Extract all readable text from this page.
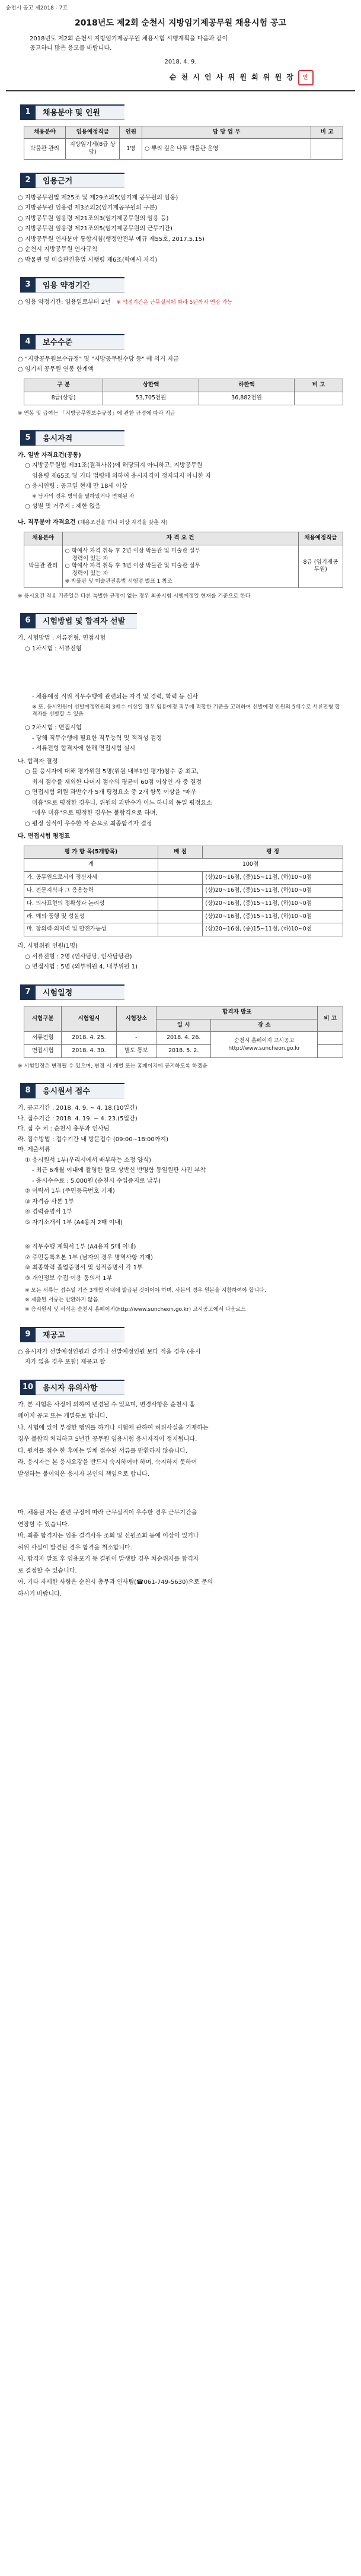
순천시 공고 제2018 - 7호
2018년도 제2회 순천시 지방임기제공무원 채용시험 공고

2018년도 제2회 순천시 지방임기제공무원 채용시험 시행계획을 다음과 같이

공고하니 많은 응모를 바랍니다.

2018. 4. 9.
순 천 시 인 사 위 원 회 위 원 장	인
1	채용분야 및 인원
채용분야	임용예정직급	인원	담 당 업 무	비 고
박물관 관리	지방임기제(8급 상당)	1명	○ 뿌리 깊은 나무 박물관 운영	
2	임용근거
○ 지방공무원법 제25조 및 제29조의5(임기제 공무원의 임용)
○ 지방공무원 임용령 제3조의2(임기제공무원의 구분)
○ 지방공무원 임용령 제21조의3(임기제공무원의 임용 등)
○ 지방공무원 임용령 제21조의5(임기제공무원의 근무기간)
○ 지방공무원 인사분야 통합지침(행정안전부 예규 제55호, 2017.5.15)
○ 순천시 지방공무원 인사규칙
○ 박물관 및 미술관진흥법 시행령 제6조(학예사 자격)
3	임용 약정기간
○ 임용 약정기간: 임용일로부터 2년 ※ 약정기간은 근무실적에 따라 5년까지 연장 가능
4	보수수준
○ "지방공무원보수규정" 및 "지방공무원수당 등" 에 의거 지급
○ 임기제 공무원 연봉 한계액
구 분	상한액	하한액	비 고
8급(상당)	53,705천원	36,882천원	
※ 연봉 및 급여는 「지방공무원보수규정」에 관한 규정에 따라 지급
5	응시자격
가. 일반 자격요건(공통)
○ 지방공무원법 제31조(결격사유)에 해당되지 아니하고, 지방공무원
임용령 제65조 및 기타 법령에 의하여 응시자격이 정지되지 아니한 자
○ 응시연령 : 공고일 현재 만 18세 이상
※ 남자의 경우 병역을 필하였거나 면제된 자
○ 성별 및 거주지 : 제한 없음
나. 직무분야 자격요건 (채용조건을 하나 이상 자격을 갖춘 자)
채용분야	자 격 요 건	채용예정직급
박물관 관리	○ 학예사 자격 취득 후 2년 이상 박물관 및 미술관 실무
경력이 있는 자
○ 학예사 자격 취득 후 3년 이상 박물관 및 미술관 실무
경력이 있는 자
※ 박물관 및 미술관진흥법 시행령 별표 1 참조	8급 (임기제공무원)
※ 응시요건 적용 기준일은 다른 특별한 규정이 없는 경우 최종시험 시행예정일 현재를 기준으로 한다
6	시험방법 및 합격자 선발
가. 시험방법 : 서류전형, 면접시험
○ 1차시험 : 서류전형
- 채용예정 직위 직무수행에 관련되는 자격 및 경력, 학력 등 심사
※ 또, 응시인원이 선발예정인원의 3배수 이상일 경우 임용예정 직무에 적합한 기준을 고려하여 선발예정 인원의 5배수로 서류전형 합격자를 선발할 수 있음
○ 2차시험 : 면접시험
- 당해 직무수행에 필요한 직무능력 및 적격성 검정
- 서류전형 합격자에 한해 면접시험 실시
나. 합격자 결정
○ 블 응시자에 대해 평가위원 5명(위원 내부1인 평가)참수 중 최고,
최저 점수를 제외한 나머지 점수의 평균이 60점 이상인 자 중 결정
○ 면접시험 위원 과반수가 5개 평정요소 중 2개 항목 이상을 "매우
미흡"으로 평정한 경우나, 위원의 과반수가 어느 하나의 동일 평정요소
"매우 미흡"으로 평정한 경우는 불합격으로 하며,
○ 평정 성적이 우수한 자 순으로 최종합격자 결정
다. 면접시험 평정표
평 가 항 목(5개항목)	배 점	평 정
계	100점	
가. 공무원으로서의 정신자세		(상)20~16점, (중)15~11점, (하)10~0점
나. 전문지식과 그 응용능력		(상)20~16점, (중)15~11점, (하)10~0점
다. 의사표현의 정확성과 논리성		(상)20~16점, (중)15~11점, (하)10~0점
라. 예의·품행 및 성실성		(상)20~16점, (중)15~11점, (하)10~0점
마. 창의력·의지력 및 발전가능성		(상)20~16점, (중)15~11점, (하)10~0점
라. 시험위원 인원(1명)
○ 서류전형 : 2명 (인사담당, 인사담당관)
○ 면접시험 : 5명 (외부위원 4, 내부위원 1)
7	시험일정
시험구분	시험일시	시험장소	합격자 발표		비 고
			일 시	장 소	
서류전형	2018. 4. 25.	-	2018. 4. 26.	순천시 홈페이지 고시공고
http://www.suncheon.go.kr	

면접시험	2018. 4. 30.	별도 통보	2018. 5. 2.		
※ 시험일정은 변경될 수 있으며, 변경 시 개별 또는 홈페이지에 공지하도록 하겠음
8	응시원서 접수
가. 공고기간 : 2018. 4. 9. ~ 4. 18.(10일간)
나. 접수기간 : 2018. 4. 19. ~ 4. 23.(5일간)
다. 접 수 처 : 순천시 총무과 인사팀
라. 접수방법 : 접수기간 내 방문접수 (09:00~18:00까지)
마. 제출서류
① 응시원서 1부(우리시에서 배부하는 소정 양식)
- 최근 6개월 이내에 촬영한 탈모 상반신 반명함 동일원판 사진 부착
- 응시수수료 : 5,000원 (순천시 수입증지로 납부)
② 이력서 1부 (주민등록번호 기재)
③ 자격증 사본 1부
④ 경력증명서 1부
⑤ 자기소개서 1부 (A4용지 2매 이내)
⑥ 직무수행 계획서 1부 (A4용지 5매 이내)
⑦ 주민등록초본 1부 (남자의 경우 병역사항 기재)
⑧ 최종학력 졸업증명서 및 성적증명서 각 1부
⑨ 개인정보 수집·이용 동의서 1부
※ 모든 서류는 접수일 기준 3개월 이내에 발급된 것이어야 하며, 사본의 경우 원본을 지참하여야 합니다.
※ 제출된 서류는 반환하지 않음.
※ 응시원서 및 서식은 순천시 홈페이지(http://www.suncheon.go.kr) 고시공고에서 다운로드
9	재공고
○ 응시자가 선발예정인원과 같거나 선발예정인원 보다 적을 경우 (응시
자가 없을 경우 포함) 재공고 할
10	응시자 유의사항
가. 본 시험은 사정에 의하여 변경될 수 있으며, 변경사항은 순천시 홈
페이지 공고 또는 개별통보 합니다.
나. 시험에 있어 부정한 행위를 하거나 시험에 관하여 허위사실을 기재하는
경우 불합격 처리하고 5년간 공무원 임용시험 응시자격이 정지됩니다.
다. 원서를 접수 한 후에는 일체 접수된 서류를 반환하지 않습니다.
라. 응시자는 본 응시요강을 반드시 숙지하여야 하며, 숙지하지 못하여
발생하는 불이익은 응시자 본인의 책임으로 합니다.
마. 채용된 자는 관련 규정에 따라 근무실적이 우수한 경우 근무기간을
연장할 수 있습니다.
바. 최종 합격자는 임용 결격사유 조회 및 신원조회 등에 이상이 있거나
허위 사실이 발견된 경우 합격을 취소합니다.
사. 합격자 발표 후 임용포기 등 결원이 발생할 경우 차순위자를 합격자
로 결정할 수 있습니다.
아. 기타 자세한 사항은 순천시 총무과 인사팀(☎061-749-5630)으로 문의
하시기 바랍니다.
